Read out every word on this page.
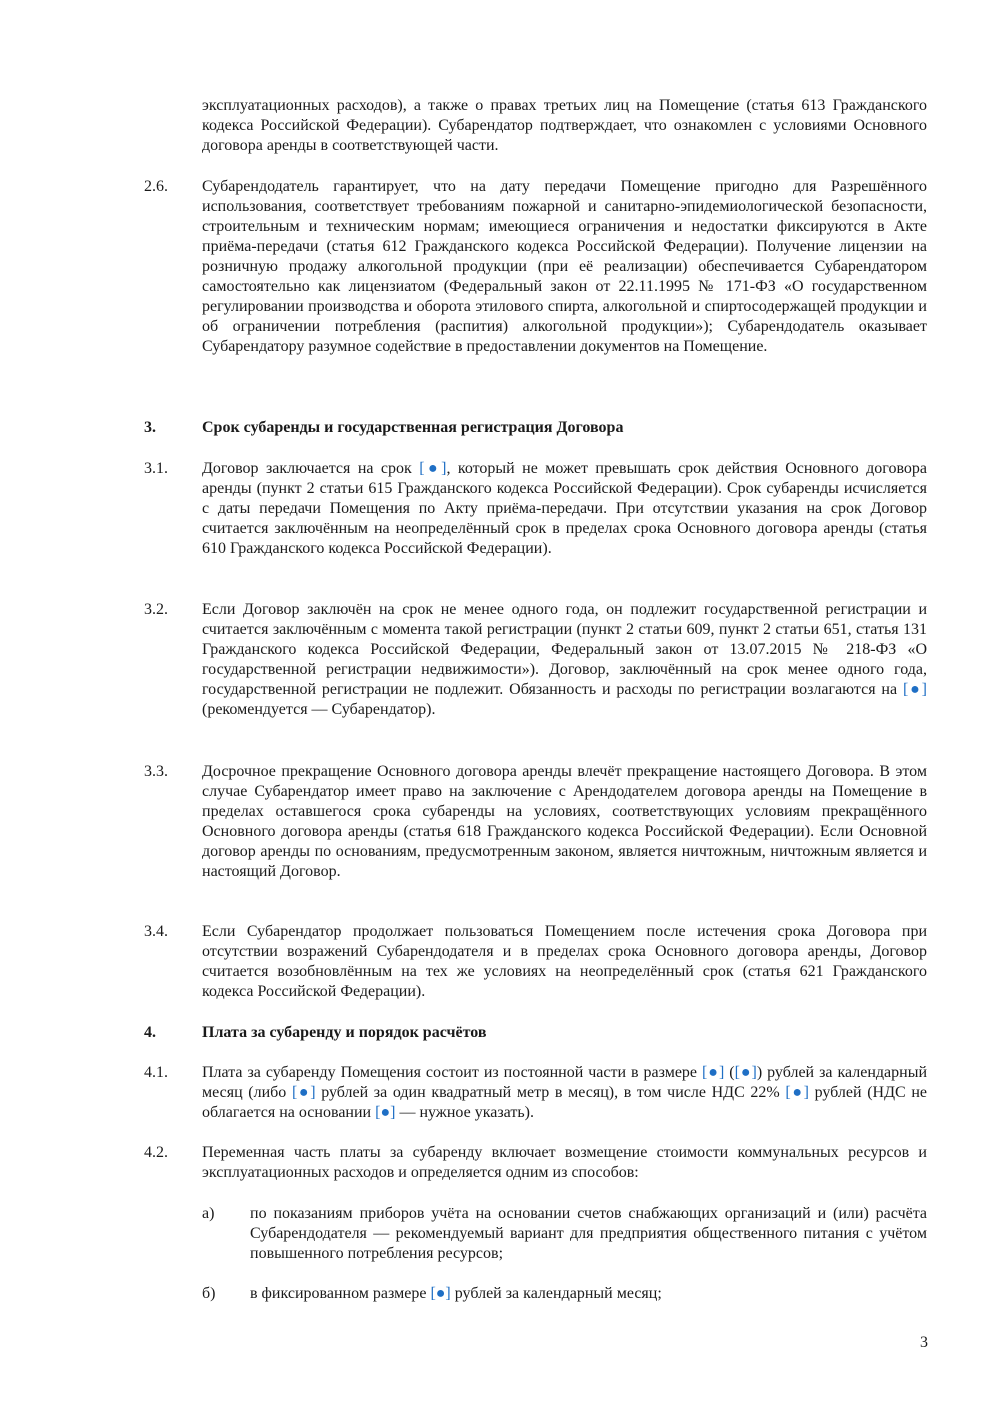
эксплуатационных расходов), а также о правах третьих лиц на Помещение (статья 613 Гражданского кодекса Российской Федерации). Субарендатор подтверждает, что ознакомлен с условиями Основного договора аренды в соответствующей части.
2.6. Субарендодатель гарантирует, что на дату передачи Помещение пригодно для Разрешённого использования, соответствует требованиям пожарной и санитарно-эпидемиологической безопасности, строительным и техническим нормам; имеющиеся ограничения и недостатки фиксируются в Акте приёма-передачи (статья 612 Гражданского кодекса Российской Федерации). Получение лицензии на розничную продажу алкогольной продукции (при её реализации) обеспечивается Субарендатором самостоятельно как лицензиатом (Федеральный закон от 22.11.1995 № 171-ФЗ «О государственном регулировании производства и оборота этилового спирта, алкогольной и спиртосодержащей продукции и об ограничении потребления (распития) алкогольной продукции»); Субарендодатель оказывает Субарендатору разумное содействие в предоставлении документов на Помещение.
3.	Срок субаренды и государственная регистрация Договора
3.1. Договор заключается на срок [●], который не может превышать срок действия Основного договора аренды (пункт 2 статьи 615 Гражданского кодекса Российской Федерации). Срок субаренды исчисляется с даты передачи Помещения по Акту приёма-передачи. При отсутствии указания на срок Договор считается заключённым на неопределённый срок в пределах срока Основного договора аренды (статья 610 Гражданского кодекса Российской Федерации).
3.2. Если Договор заключён на срок не менее одного года, он подлежит государственной регистрации и считается заключённым с момента такой регистрации (пункт 2 статьи 609, пункт 2 статьи 651, статья 131 Гражданского кодекса Российской Федерации, Федеральный закон от 13.07.2015 № 218-ФЗ «О государственной регистрации недвижимости»). Договор, заключённый на срок менее одного года, государственной регистрации не подлежит. Обязанность и расходы по регистрации возлагаются на [●] (рекомендуется — Субарендатор).
3.3. Досрочное прекращение Основного договора аренды влечёт прекращение настоящего Договора. В этом случае Субарендатор имеет право на заключение с Арендодателем договора аренды на Помещение в пределах оставшегося срока субаренды на условиях, соответствующих условиям прекращённого Основного договора аренды (статья 618 Гражданского кодекса Российской Федерации). Если Основной договор аренды по основаниям, предусмотренным законом, является ничтожным, ничтожным является и настоящий Договор.
3.4. Если Субарендатор продолжает пользоваться Помещением после истечения срока Договора при отсутствии возражений Субарендодателя и в пределах срока Основного договора аренды, Договор считается возобновлённым на тех же условиях на неопределённый срок (статья 621 Гражданского кодекса Российской Федерации).
4.	Плата за субаренду и порядок расчётов
4.1. Плата за субаренду Помещения состоит из постоянной части в размере [●] ([●]) рублей за календарный месяц (либо [●] рублей за один квадратный метр в месяц), в том числе НДС 22% [●] рублей (НДС не облагается на основании [●] — нужное указать).
4.2. Переменная часть платы за субаренду включает возмещение стоимости коммунальных ресурсов и эксплуатационных расходов и определяется одним из способов:
а) по показаниям приборов учёта на основании счетов снабжающих организаций и (или) расчёта Субарендодателя — рекомендуемый вариант для предприятия общественного питания с учётом повышенного потребления ресурсов;
б) в фиксированном размере [●] рублей за календарный месяц;
3
